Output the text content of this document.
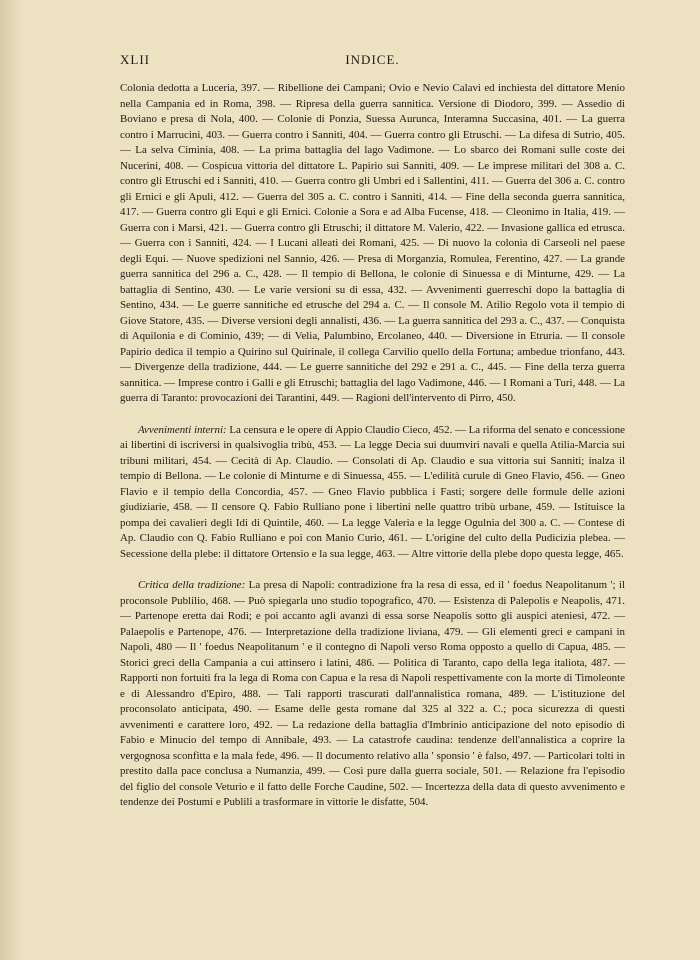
XLII	INDICE.

Colonia dedotta a Luceria, 397. — Ribellione dei Campani; Ovio e Nevio Calavi ed inchiesta del dittatore Menio nella Campania ed in Roma, 398. — Ripresa della guerra sannitica. Versione di Diodoro, 399. — Assedio di Boviano e presa di Nola, 400. — Colonie di Ponzia, Suessa Aurunca, Interamna Succasina, 401. — La guerra contro i Marrucini, 403. — Guerra contro i Sanniti, 404. — Guerra contro gli Etruschi. — La difesa di Sutrio, 405. — La selva Ciminia, 408. — La prima battaglia del lago Vadimone. — Lo sbarco dei Romani sulle coste dei Nucerini, 408. — Cospicua vittoria del dittatore L. Papirio sui Sanniti, 409. — Le imprese militari del 308 a. C. contro gli Etruschi ed i Sanniti, 410. — Guerra contro gli Umbri ed i Sallentini, 411. — Guerra del 306 a. C. contro gli Ernici e gli Apuli, 412. — Guerra del 305 a. C. contro i Sanniti, 414. — Fine della seconda guerra sannitica, 417. — Guerra contro gli Equi e gli Ernici. Colonie a Sora e ad Alba Fucense, 418. — Cleonimo in Italia, 419. — Guerra con i Marsi, 421. — Guerra contro gli Etruschi; il dittatore M. Valerio, 422. — Invasione gallica ed etrusca. — Guerra con i Sanniti, 424. — I Lucani alleati dei Romani, 425. — Di nuovo la colonia di Carseoli nel paese degli Equi. — Nuove spedizioni nel Sannio, 426. — Presa di Morganzia, Romulea, Ferentino, 427. — La grande guerra sannitica del 296 a. C., 428. — Il tempio di Bellona, le colonie di Sinuessa e di Minturne, 429. — La battaglia di Sentino, 430. — Le varie versioni su di essa, 432. — Avvenimenti guerreschi dopo la battaglia di Sentino, 434. — Le guerre sannitiche ed etrusche del 294 a. C. — Il console M. Atilio Regolo vota il tempio di Giove Statore, 435. — Diverse versioni degli annalisti, 436. — La guerra sannitica del 293 a. C., 437. — Conquista di Aquilonia e di Cominio, 439; — di Velia, Palumbino, Ercolaneo, 440. — Diversione in Etruria. — Il console Papirio dedica il tempio a Quirino sul Quirinale, il collega Carvilio quello della Fortuna; ambedue trionfano, 443. — Divergenze della tradizione, 444. — Le guerre sannitiche del 292 e 291 a. C., 445. — Fine della terza guerra sannitica. — Imprese contro i Galli e gli Etruschi; battaglia del lago Vadimone, 446. — I Romani a Turi, 448. — La guerra di Taranto: provocazioni dei Tarantini, 449. — Ragioni dell'intervento di Pirro, 450.

Avvenimenti interni: La censura e le opere di Appio Claudio Cieco, 452. — La riforma del senato e concessione ai libertini di iscriversi in qualsivoglia tribù, 453. — La legge Decia sui duumviri navali e quella Atilia-Marcia sui tribuni militari, 454. — Cecità di Ap. Claudio. — Consolati di Ap. Claudio e sua vittoria sui Sanniti; inalza il tempio di Bellona. — Le colonie di Minturne e di Sinuessa, 455. — L'edilità curule di Gneo Flavio, 456. — Gneo Flavio e il tempio della Concordia, 457. — Gneo Flavio pubblica i Fasti; sorgere delle formule delle azioni giudiziarie, 458. — Il censore Q. Fabio Rulliano pone i libertini nelle quattro tribù urbane, 459. — Istituisce la pompa dei cavalieri degli Idi di Quintile, 460. — La legge Valeria e la legge Ogulnia del 300 a. C. — Contese di Ap. Claudio con Q. Fabio Rulliano e poi con Manio Curio, 461. — L'origine del culto della Pudicizia plebea. — Secessione della plebe: il dittatore Ortensio e la sua legge, 463. — Altre vittorie della plebe dopo questa legge, 465.

Critica della tradizione: La presa di Napoli: contradizione fra la resa di essa, ed il ' foedus Neapolitanum '; il proconsole Publilio, 468. — Può spiegarla uno studio topografico, 470. — Esistenza di Palepolis e Neapolis, 471. — Partenope eretta dai Rodi; e poi accanto agli avanzi di essa sorse Neapolis sotto gli auspici ateniesi, 472. — Palaepolis e Partenope, 476. — Interpretazione della tradizione liviana, 479. — Gli elementi greci e campani in Napoli, 480 — Il ' foedus Neapolitanum ' e il contegno di Napoli verso Roma opposto a quello di Capua, 485. — Storici greci della Campania a cui attinsero i latini, 486. — Politica di Taranto, capo della lega italiota, 487. — Rapporti non fortuiti fra la lega di Roma con Capua e la resa di Napoli respettivamente con la morte di Timoleonte e di Alessandro d'Epiro, 488. — Tali rapporti trascurati dall'annalistica romana, 489. — L'istituzione del proconsolato anticipata, 490. — Esame delle gesta romane dal 325 al 322 a. C.; poca sicurezza di questi avvenimenti e carattere loro, 492. — La redazione della battaglia d'Imbrinio anticipazione del noto episodio di Fabio e Minucio del tempo di Annibale, 493. — La catastrofe caudina: tendenze dell'annalistica a coprire la vergognosa sconfitta e la mala fede, 496. — Il documento relativo alla ' sponsio ' è falso, 497. — Particolari tolti in prestito dalla pace conclusa a Numanzia, 499. — Così pure dalla guerra sociale, 501. — Relazione fra l'episodio del figlio del console Veturio e il fatto delle Forche Caudine, 502. — Incertezza della data di questo avvenimento e tendenze dei Postumi e Publili a trasformare in vittorie le disfatte, 504.
